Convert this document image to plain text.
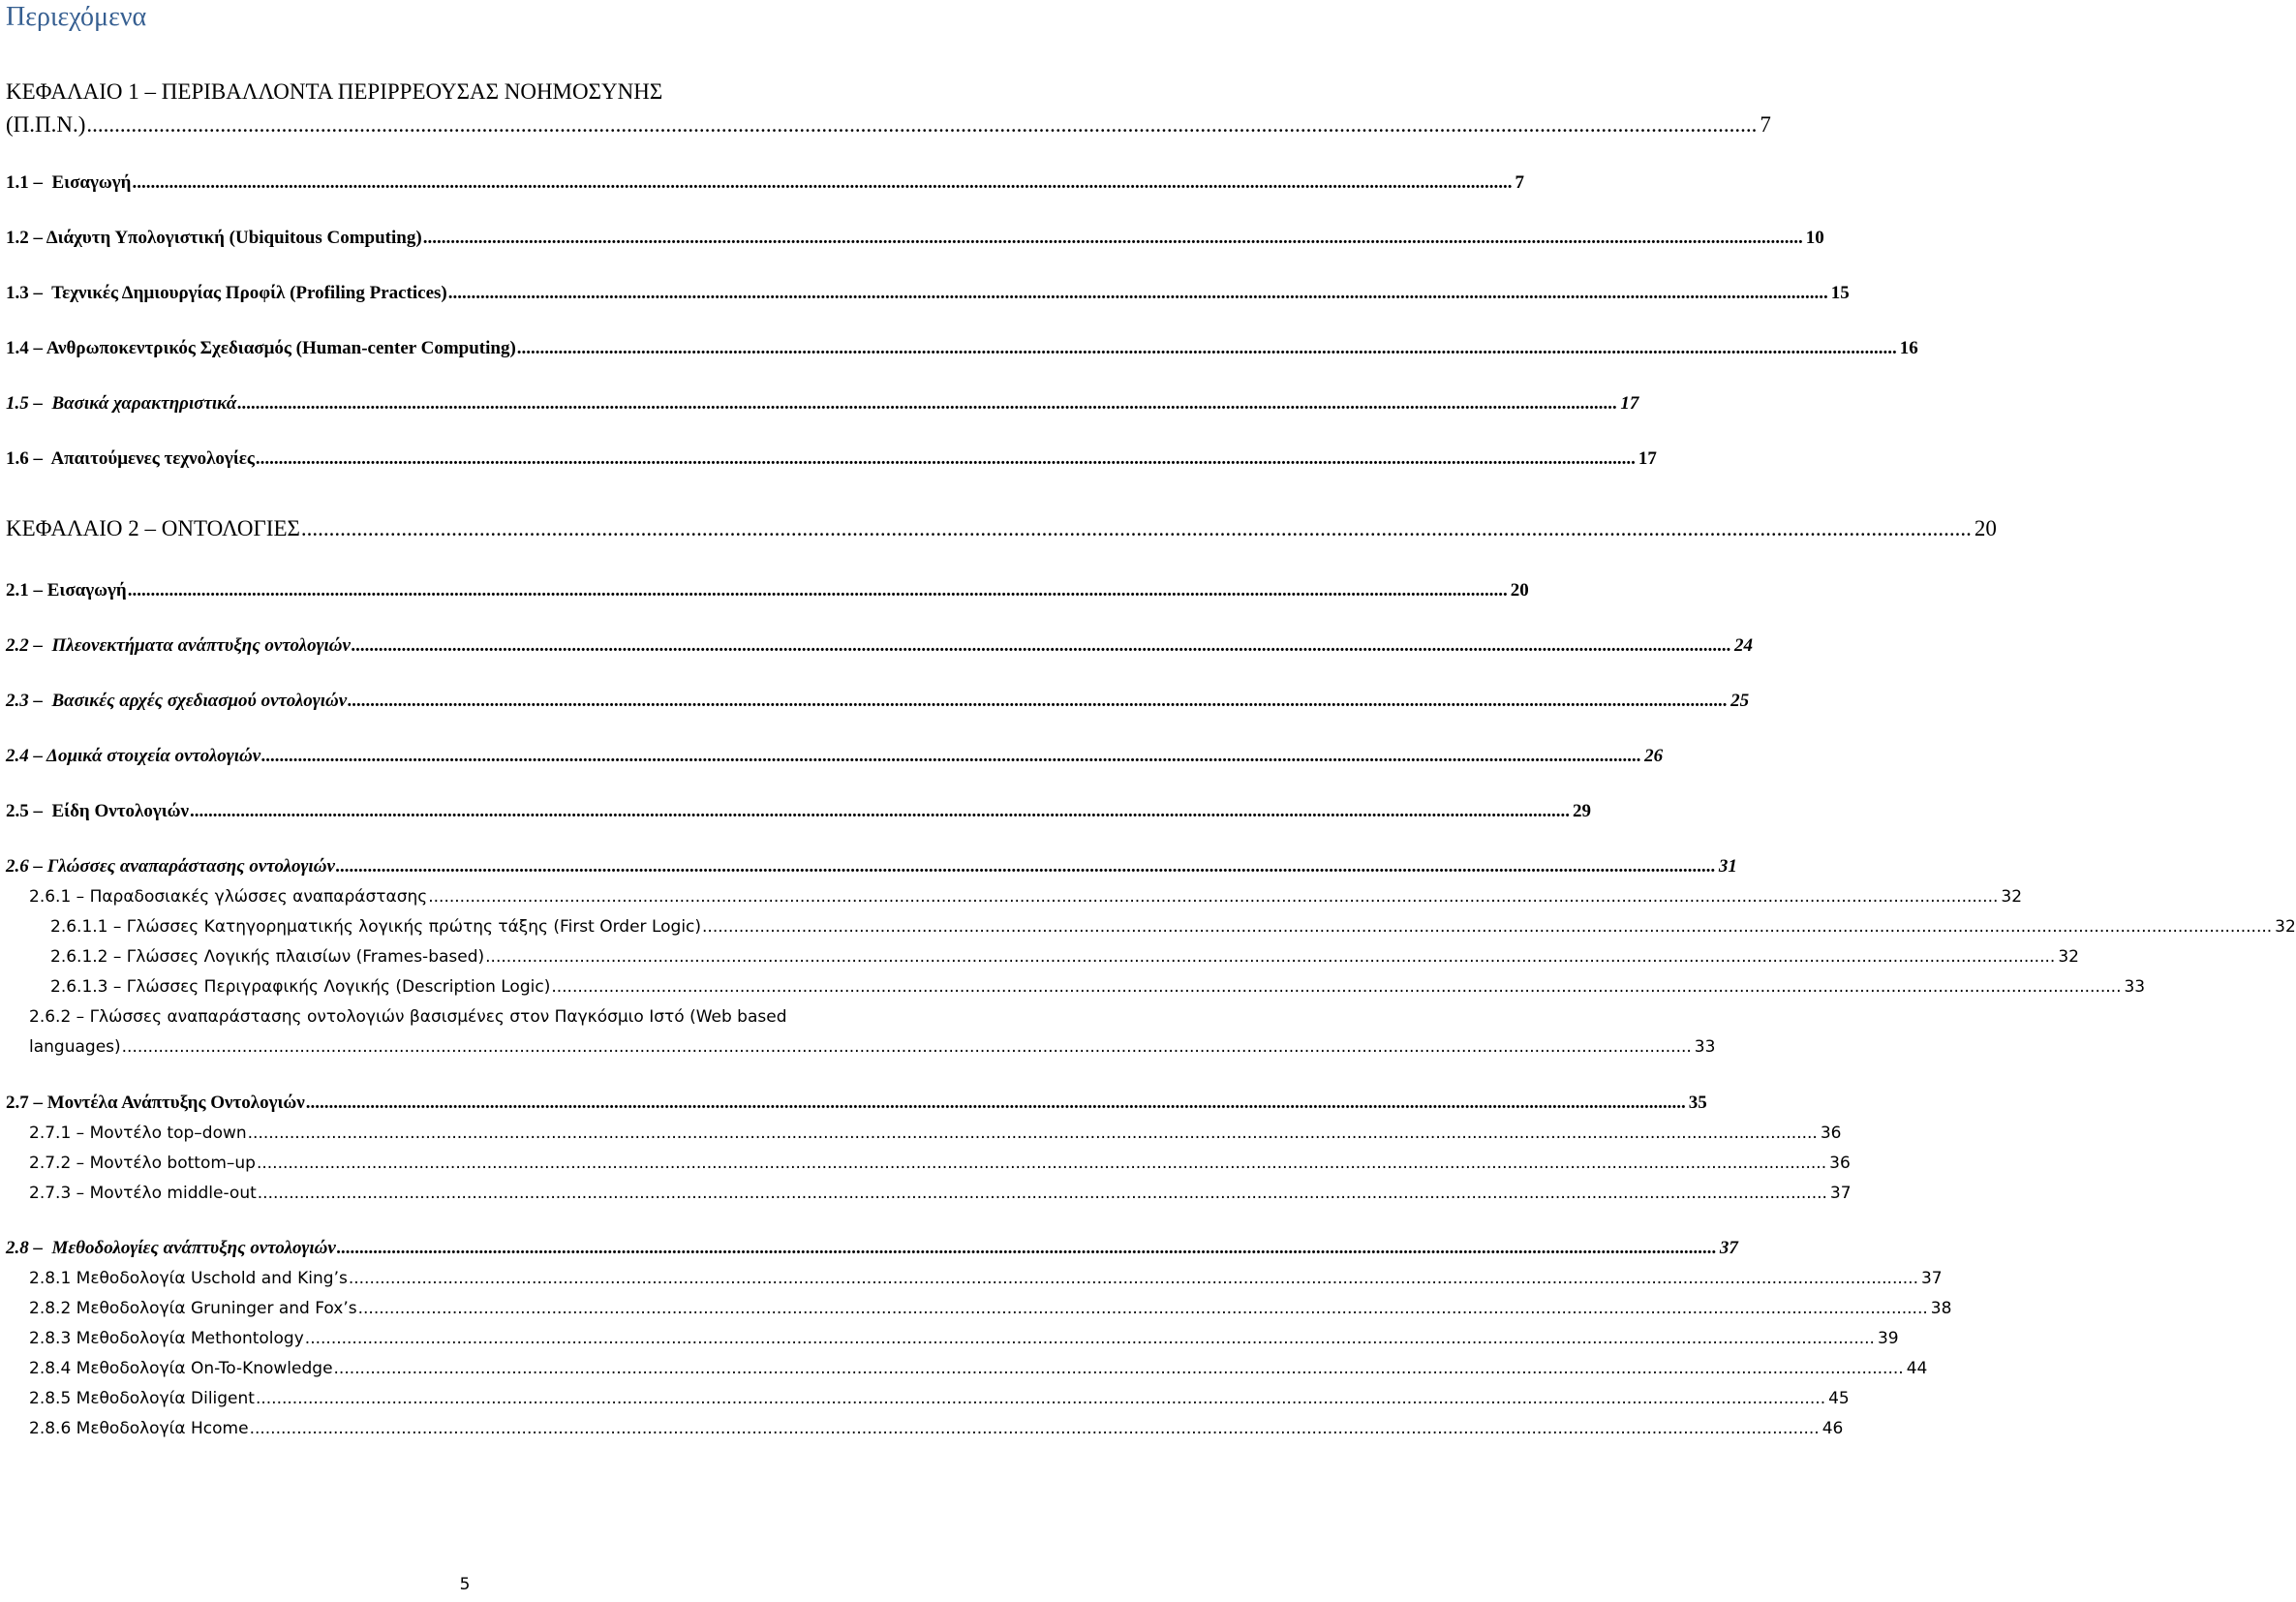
Περιεχόμενα
ΚΕΦΑΛΑΙΟ 1 – ΠΕΡΙΒΑΛΛΟΝΤΑ ΠΕΡΙΡΡΕΟΥΣΑΣ ΝΟΗΜΟΣΥΝΗΣ
(Π.Π.Ν.) ............................................................................................................................................................................................................................................................................................................ 7
1.1 –  Εισαγωγή ............................................................................................................................................................................................................................................................................................................ 7
1.2 – Διάχυτη Υπολογιστική (Ubiquitous Computing) ............................................................................................................................................................................................................................................................................................................ 10
1.3 –  Τεχνικές Δημιουργίας Προφίλ (Profiling Practices) ............................................................................................................................................................................................................................................................................................................ 15
1.4 – Ανθρωποκεντρικός Σχεδιασμός (Human-center Computing) ............................................................................................................................................................................................................................................................................................................ 16
1.5 –  Βασικά χαρακτηριστικά ............................................................................................................................................................................................................................................................................................................ 17
1.6 –  Απαιτούμενες τεχνολογίες ............................................................................................................................................................................................................................................................................................................ 17
ΚΕΦΑΛΑΙΟ 2 – ΟΝΤΟΛΟΓΙΕΣ ............................................................................................................................................................................................................................................................................................................ 20
2.1 – Εισαγωγή ............................................................................................................................................................................................................................................................................................................ 20
2.2 –  Πλεονεκτήματα ανάπτυξης οντολογιών ............................................................................................................................................................................................................................................................................................................ 24
2.3 –  Βασικές αρχές σχεδιασμού οντολογιών ............................................................................................................................................................................................................................................................................................................ 25
2.4 – Δομικά στοιχεία οντολογιών ............................................................................................................................................................................................................................................................................................................ 26
2.5 –  Είδη Οντολογιών ............................................................................................................................................................................................................................................................................................................ 29
2.6 – Γλώσσες αναπαράστασης οντολογιών ............................................................................................................................................................................................................................................................................................................ 31
2.6.1 – Παραδοσιακές γλώσσες αναπαράστασης ............................................................................................................................................................................................................................................................................................................ 32
2.6.1.1 – Γλώσσες Κατηγορηματικής λογικής πρώτης τάξης (First Order Logic) ............................................................................................................................................................................................................................................................................................................ 32
2.6.1.2 – Γλώσσες Λογικής πλαισίων (Frames-based) ............................................................................................................................................................................................................................................................................................................ 32
2.6.1.3 – Γλώσσες Περιγραφικής Λογικής (Description Logic) ............................................................................................................................................................................................................................................................................................................ 33
2.6.2 – Γλώσσες αναπαράστασης οντολογιών βασισμένες στον Παγκόσμιο Ιστό (Web based
languages) ............................................................................................................................................................................................................................................................................................................ 33
2.7 – Μοντέλα Ανάπτυξης Οντολογιών ............................................................................................................................................................................................................................................................................................................ 35
2.7.1 – Μοντέλο top–down ............................................................................................................................................................................................................................................................................................................ 36
2.7.2 – Μοντέλο bottom–up ............................................................................................................................................................................................................................................................................................................ 36
2.7.3 – Μοντέλο middle-out ............................................................................................................................................................................................................................................................................................................ 37
2.8 –  Μεθοδολογίες ανάπτυξης οντολογιών ............................................................................................................................................................................................................................................................................................................ 37
2.8.1 Μεθοδολογία Uschold and King’s ............................................................................................................................................................................................................................................................................................................ 37
2.8.2 Μεθοδολογία Gruninger and Fox’s ............................................................................................................................................................................................................................................................................................................ 38
2.8.3 Μεθοδολογία Methontology ............................................................................................................................................................................................................................................................................................................ 39
2.8.4 Μεθοδολογία On-To-Knowledge ............................................................................................................................................................................................................................................................................................................ 44
2.8.5 Μεθοδολογία Diligent ............................................................................................................................................................................................................................................................................................................ 45
2.8.6 Μεθοδολογία Hcome ............................................................................................................................................................................................................................................................................................................ 46
5
